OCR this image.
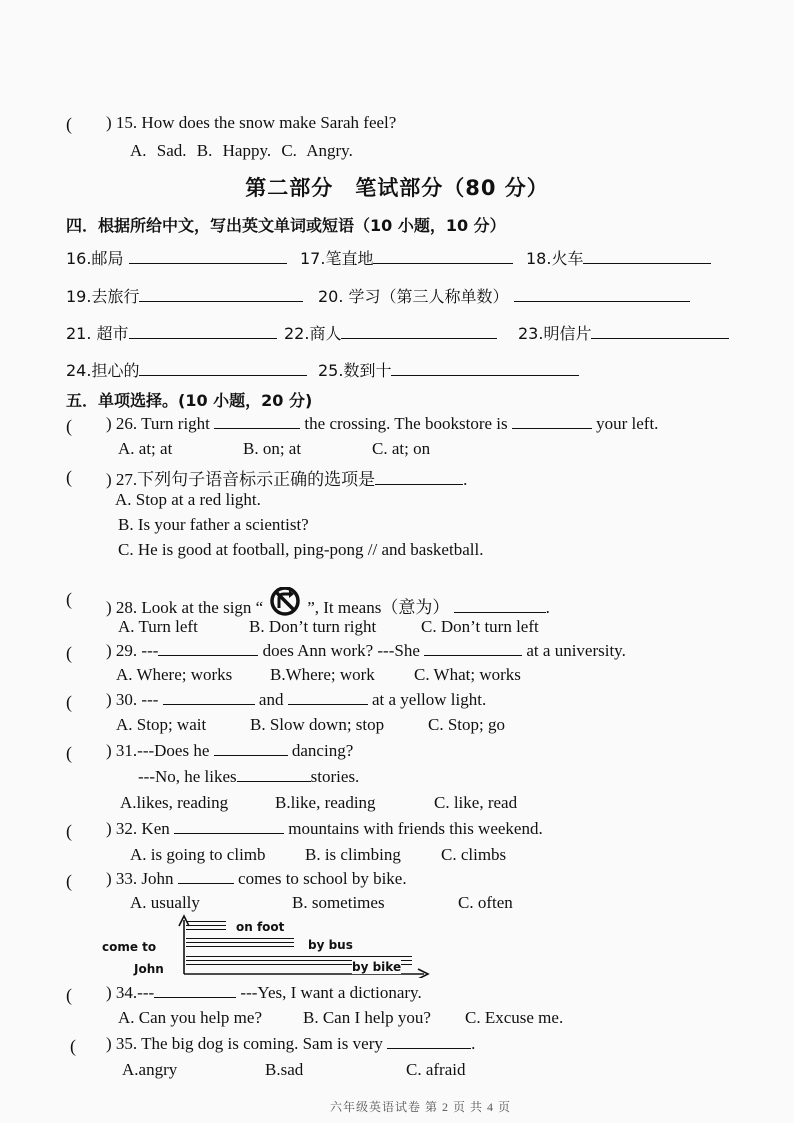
( ) 15. How does the snow make Sarah feel?
A. Sad. B. Happy. C. Angry.
第二部分　笔试部分（80 分）
四．根据所给中文，写出英文单词或短语（10 小题，10 分）
16.邮局	17.笔直地	18.火车
19.去旅行	20. 学习（第三人称单数）
21. 超市	22.商人	23.明信片
24.担心的	25.数到十
五．单项选择。(10 小题，20 分)
( ) 26. Turn right	the crossing. The bookstore is	your left.
A. at; at	B. on; at	C. at; on
( ) 27.下列句子语音标示正确的选项是	.
A. Stop at a red light.
B. Is your father a scientist?
C. He is good at football, ping-pong // and basketball.
( ) 28. Look at the sign “	”, It means（意为）	.
A. Turn left	B. Don’t turn right	C. Don’t turn left
( ) 29. ---	does Ann work? ---She	at a university.
A. Where; works B.Where; work C. What; works
( ) 30. ---	and	at a yellow light.
A. Stop; wait	B. Slow down; stop	C. Stop; go
( ) 31.---Does he	dancing?
---No, he likes	stories.
A.likes, reading	B.like, reading	C. like, read
( ) 32. Ken	mountains with friends this weekend.
A. is going to climb B. is climbing C. climbs
( ) 33. John	comes to school by bike.
A. usually	B. sometimes	C. often
come to
John
on foot
by bus
by bike
( ) 34.---	---Yes, I want a dictionary.
A. Can you help me? B. Can I help you? C. Excuse me.
( ) 35. The big dog is coming. Sam is very	.
A.angry	B.sad	C. afraid
六年级英语试卷 第 2 页 共 4 页
